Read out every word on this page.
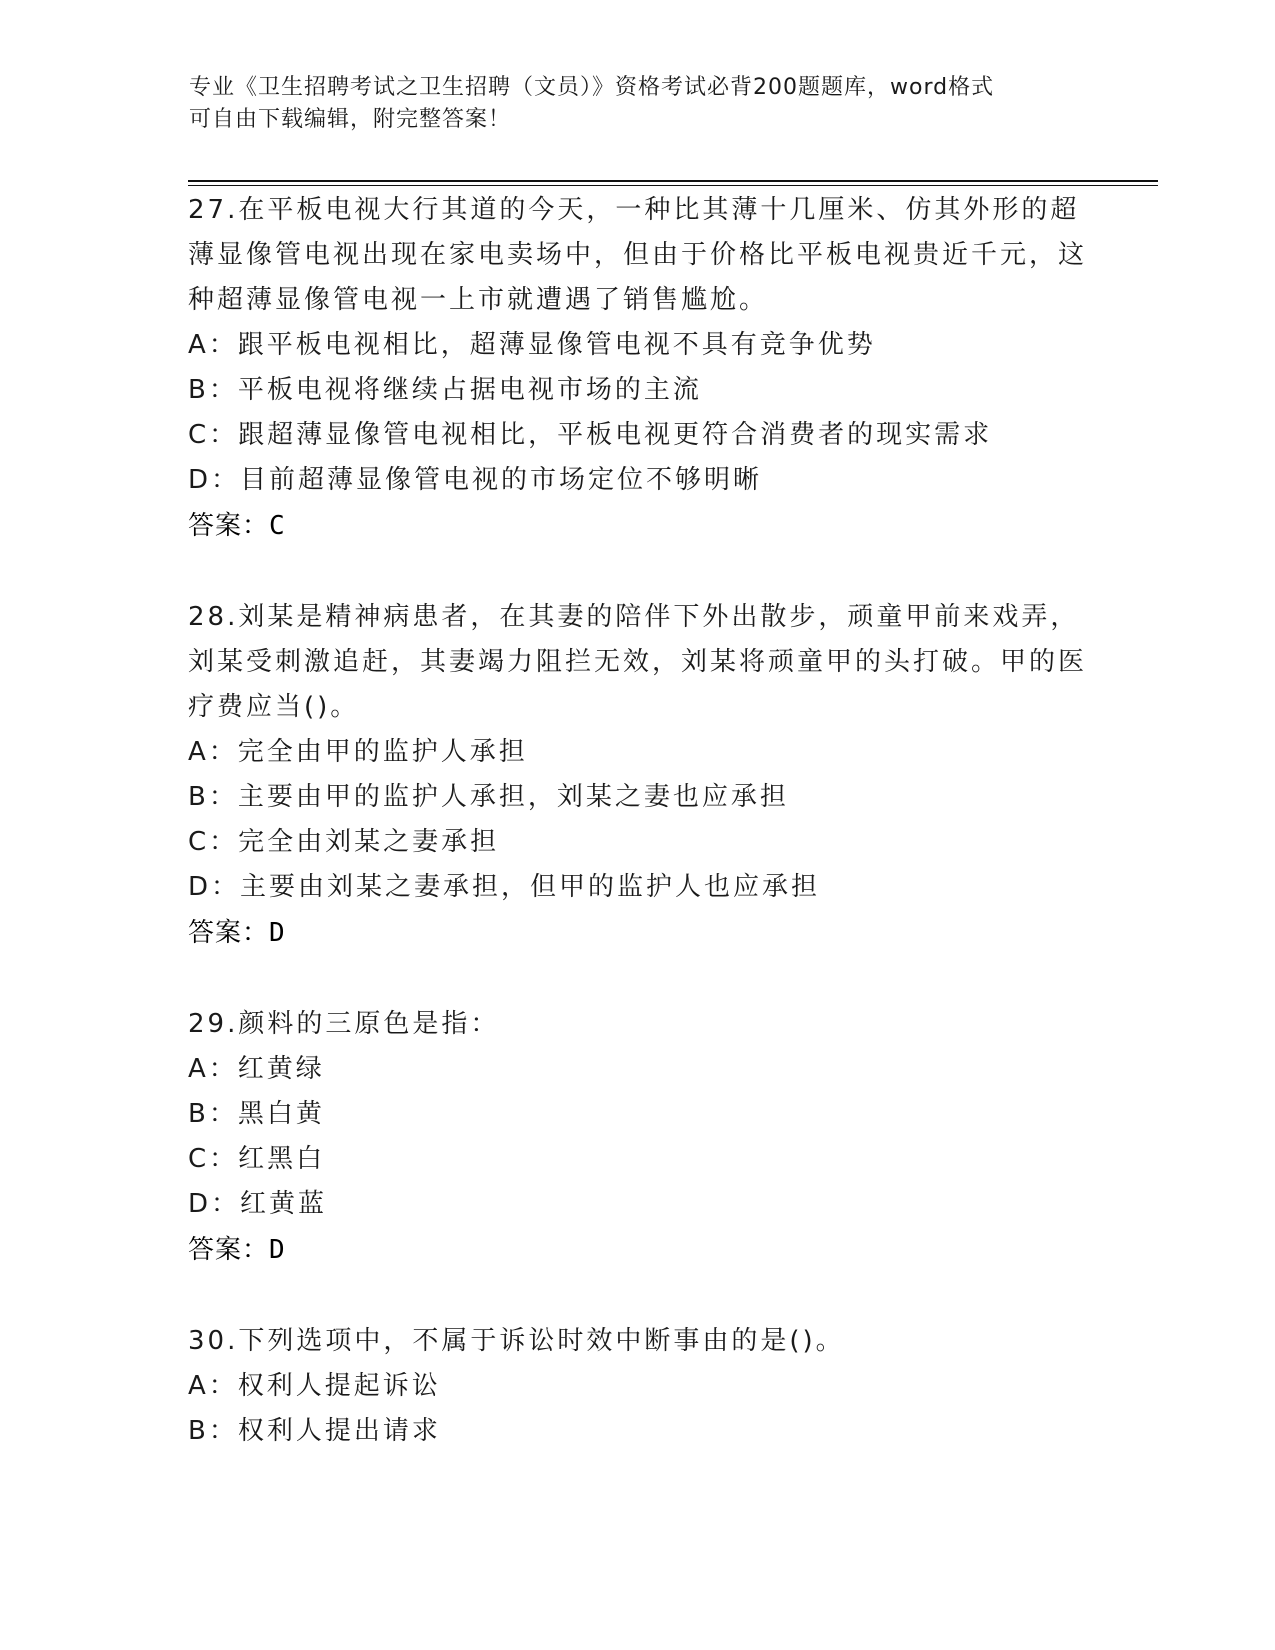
专业《卫生招聘考试之卫生招聘（文员）》资格考试必背200题题库，word格式
可自由下载编辑，附完整答案！

27.在平板电视大行其道的今天，一种比其薄十几厘米、仿其外形的超薄显像管电视出现在家电卖场中，但由于价格比平板电视贵近千元，这种超薄显像管电视一上市就遭遇了销售尴尬。

A：跟平板电视相比，超薄显像管电视不具有竞争优势

B：平板电视将继续占据电视市场的主流

C：跟超薄显像管电视相比，平板电视更符合消费者的现实需求

D：目前超薄显像管电视的市场定位不够明晰

答案：C

28.刘某是精神病患者，在其妻的陪伴下外出散步，顽童甲前来戏弄，刘某受刺激追赶，其妻竭力阻拦无效，刘某将顽童甲的头打破。甲的医疗费应当()。

A：完全由甲的监护人承担

B：主要由甲的监护人承担，刘某之妻也应承担

C：完全由刘某之妻承担

D：主要由刘某之妻承担，但甲的监护人也应承担

答案：D

29.颜料的三原色是指：

A：红黄绿

B：黑白黄

C：红黑白

D：红黄蓝

答案：D

30.下列选项中，不属于诉讼时效中断事由的是()。

A：权利人提起诉讼

B：权利人提出请求
